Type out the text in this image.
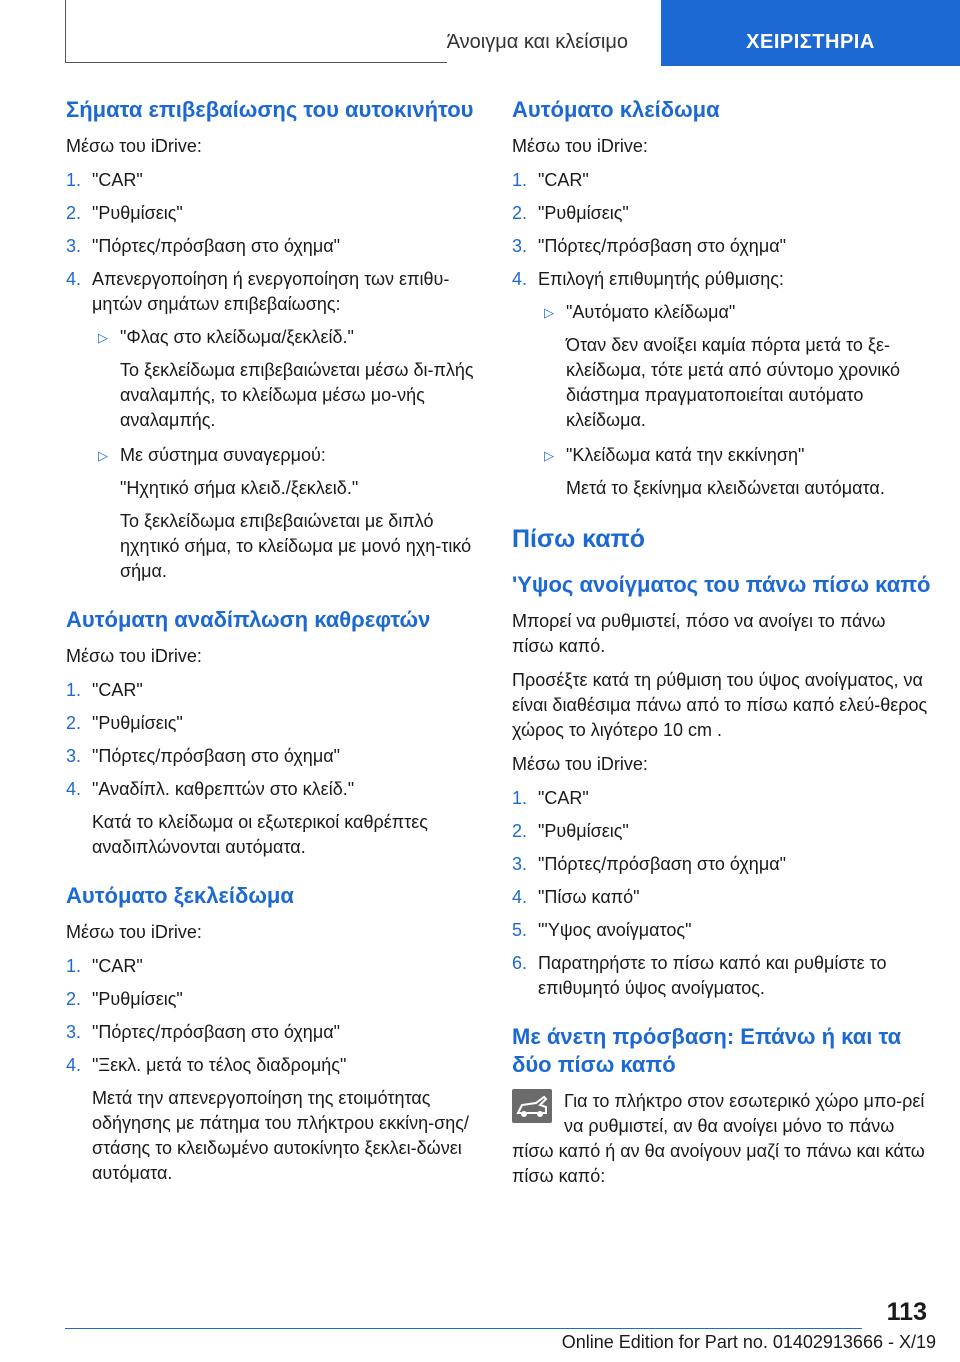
Άνοιγμα και κλείσιμο	ΧΕΙΡΙΣΤΗΡΙΑ
Σήματα επιβεβαίωσης του αυτοκινήτου

Μέσω του iDrive:

1. "CAR"
2. "Ρυθμίσεις"
3. "Πόρτες/πρόσβαση στο όχημα"
4. Απενεργοποίηση ή ενεργοποίηση των επιθυ-μητών σημάτων επιβεβαίωσης:
▷ "Φλας στο κλείδωμα/ξεκλείδ."
Το ξεκλείδωμα επιβεβαιώνεται μέσω δι-πλής αναλαμπής, το κλείδωμα μέσω μο-νής αναλαμπής.
▷ Με σύστημα συναγερμού:
"Ηχητικό σήμα κλειδ./ξεκλειδ."
Το ξεκλείδωμα επιβεβαιώνεται με διπλό ηχητικό σήμα, το κλείδωμα με μονό ηχη-τικό σήμα.
Αυτόματη αναδίπλωση καθρεφτών

Μέσω του iDrive:

1. "CAR"
2. "Ρυθμίσεις"
3. "Πόρτες/πρόσβαση στο όχημα"
4. "Αναδίπλ. καθρεπτών στο κλείδ."
Κατά το κλείδωμα οι εξωτερικοί καθρέπτες αναδιπλώνονται αυτόματα.
Αυτόματο ξεκλείδωμα

Μέσω του iDrive:

1. "CAR"
2. "Ρυθμίσεις"
3. "Πόρτες/πρόσβαση στο όχημα"
4. "Ξεκλ. μετά το τέλος διαδρομής"
Μετά την απενεργοποίηση της ετοιμότητας οδήγησης με πάτημα του πλήκτρου εκκίνη-σης/στάσης το κλειδωμένο αυτοκίνητο ξεκλει-δώνει αυτόματα.
Αυτόματο κλείδωμα

Μέσω του iDrive:

1. "CAR"
2. "Ρυθμίσεις"
3. "Πόρτες/πρόσβαση στο όχημα"
4. Επιλογή επιθυμητής ρύθμισης:
▷ "Αυτόματο κλείδωμα"
Όταν δεν ανοίξει καμία πόρτα μετά το ξε-κλείδωμα, τότε μετά από σύντομο χρονικό διάστημα πραγματοποιείται αυτόματο κλείδωμα.
▷ "Κλείδωμα κατά την εκκίνηση"
Μετά το ξεκίνημα κλειδώνεται αυτόματα.
Πίσω καπό
'Υψος ανοίγματος του πάνω πίσω καπό

Μπορεί να ρυθμιστεί, πόσο να ανοίγει το πάνω πίσω καπό.

Προσέξτε κατά τη ρύθμιση του ύψος ανοίγματος, να είναι διαθέσιμα πάνω από το πίσω καπό ελεύ-θερος χώρος το λιγότερο 10 cm .

Μέσω του iDrive:

1. "CAR"
2. "Ρυθμίσεις"
3. "Πόρτες/πρόσβαση στο όχημα"
4. "Πίσω καπό"
5. "'Υψος ανοίγματος"
6. Παρατηρήστε το πίσω καπό και ρυθμίστε το επιθυμητό ύψος ανοίγματος.
Με άνετη πρόσβαση: Επάνω ή και τα δύο πίσω καπό

Για το πλήκτρο στον εσωτερικό χώρο μπο-ρεί να ρυθμιστεί, αν θα ανοίγει μόνο το πάνω πίσω καπό ή αν θα ανοίγουν μαζί το πάνω και κάτω πίσω καπό:

113
Online Edition for Part no. 01402913666 - X/19
